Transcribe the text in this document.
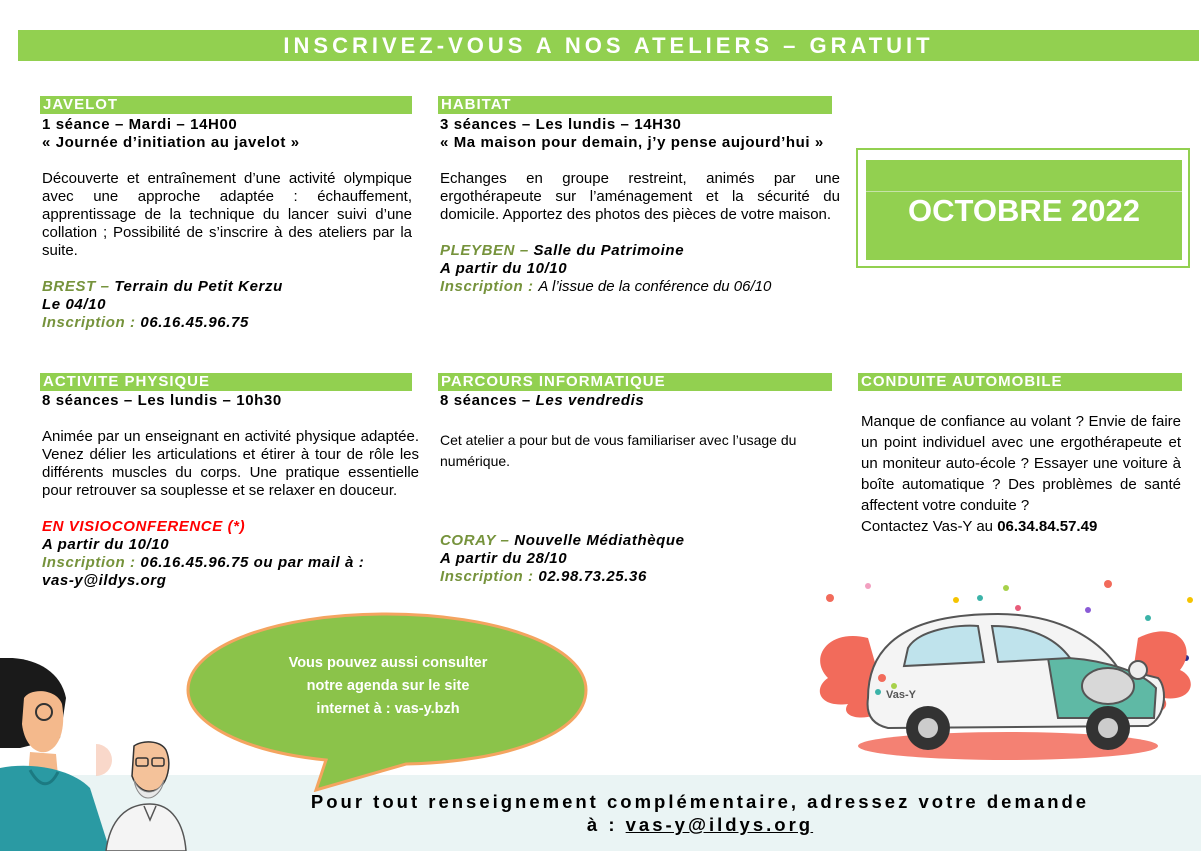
INSCRIVEZ-VOUS A NOS ATELIERS – GRATUIT
JAVELOT

1 séance – Mardi – 14H00

« Journée d’initiation au javelot »

Découverte et entraînement d’une activité olympique avec une approche adaptée : échauffement, apprentissage de la technique du lancer suivi d’une collation ; Possibilité de s’inscrire à des ateliers par la suite.

BREST – Terrain du Petit Kerzu

Le 04/10

Inscription : 06.16.45.96.75

HABITAT

3 séances – Les lundis – 14H30

« Ma maison pour demain, j’y pense aujourd’hui »

Echanges en groupe restreint, animés par une ergothérapeute sur l’aménagement et la sécurité du domicile. Apportez des photos des pièces de votre maison.

PLEYBEN – Salle du Patrimoine

A partir du 10/10

Inscription : A l’issue de la conférence du 06/10

OCTOBRE 2022
ACTIVITE PHYSIQUE

8 séances – Les lundis – 10h30

Animée par un enseignant en activité physique adaptée. Venez délier les articulations et étirer à tour de rôle les différents muscles du corps. Une pratique essentielle pour retrouver sa souplesse et se relaxer en douceur.

EN VISIOCONFERENCE (*)

A partir du 10/10

Inscription : 06.16.45.96.75 ou par mail à :

vas-y@ildys.org

PARCOURS INFORMATIQUE

8 séances – Les vendredis

Cet atelier a pour but de vous familiariser avec l’usage du numérique.

CORAY – Nouvelle Médiathèque

A partir du 28/10

Inscription : 02.98.73.25.36

CONDUITE AUTOMOBILE

Manque de confiance au volant ? Envie de faire un point individuel avec une ergothérapeute et un moniteur auto-école ? Essayer une voiture à boîte automatique ? Des problèmes de santé affectent votre conduite ?

Contactez Vas-Y au 06.34.84.57.49

Vas-Y

Vous pouvez aussi consulter

notre agenda sur le site

internet à : vas-y.bzh

Pour tout renseignement complémentaire, adressez votre demande

à : vas-y@ildys.org
